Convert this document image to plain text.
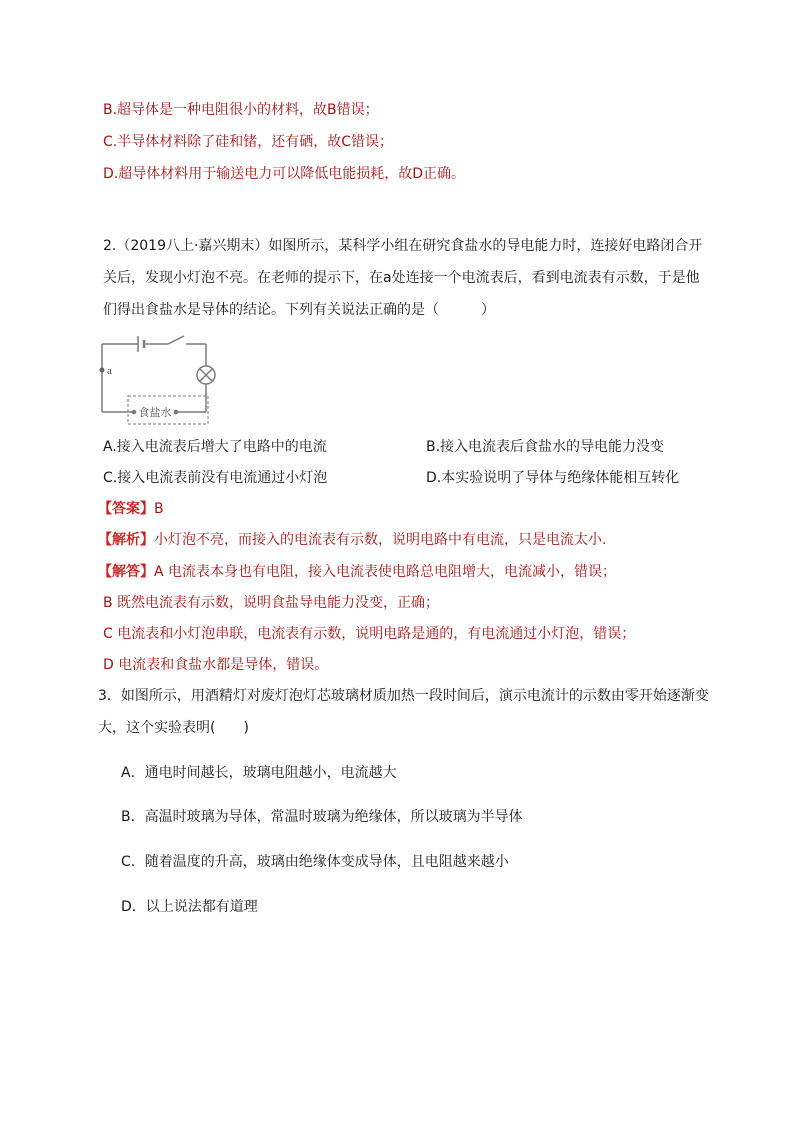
B.超导体是一种电阻很小的材料，故B错误；
C.半导体材料除了硅和锗，还有硒，故C错误；
D.超导体材料用于输送电力可以降低电能损耗，故D正确。
2.（2019八上·嘉兴期末）如图所示，某科学小组在研究食盐水的导电能力时，连接好电路闭合开
关后，发现小灯泡不亮。在老师的提示下，在a处连接一个电流表后，看到电流表有示数，于是他
们得出食盐水是导体的结论。下列有关说法正确的是（　　　）
a
食盐水
A.接入电流表后增大了电路中的电流	B.接入电流表后食盐水的导电能力没变
C.接入电流表前没有电流通过小灯泡	D.本实验说明了导体与绝缘体能相互转化
【答案】B
【解析】小灯泡不亮，而接入的电流表有示数，说明电路中有电流，只是电流太小.
【解答】A 电流表本身也有电阻，接入电流表使电路总电阻增大，电流减小，错误；
B 既然电流表有示数，说明食盐导电能力没变，正确；
C 电流表和小灯泡串联，电流表有示数，说明电路是通的，有电流通过小灯泡，错误；
D 电流表和食盐水都是导体，错误。
3．如图所示，用酒精灯对废灯泡灯芯玻璃材质加热一段时间后，演示电流计的示数由零开始逐渐变
大，这个实验表明(　　)
A．通电时间越长，玻璃电阻越小，电流越大
B．高温时玻璃为导体，常温时玻璃为绝缘体，所以玻璃为半导体
C．随着温度的升高，玻璃由绝缘体变成导体，且电阻越来越小
D．以上说法都有道理
